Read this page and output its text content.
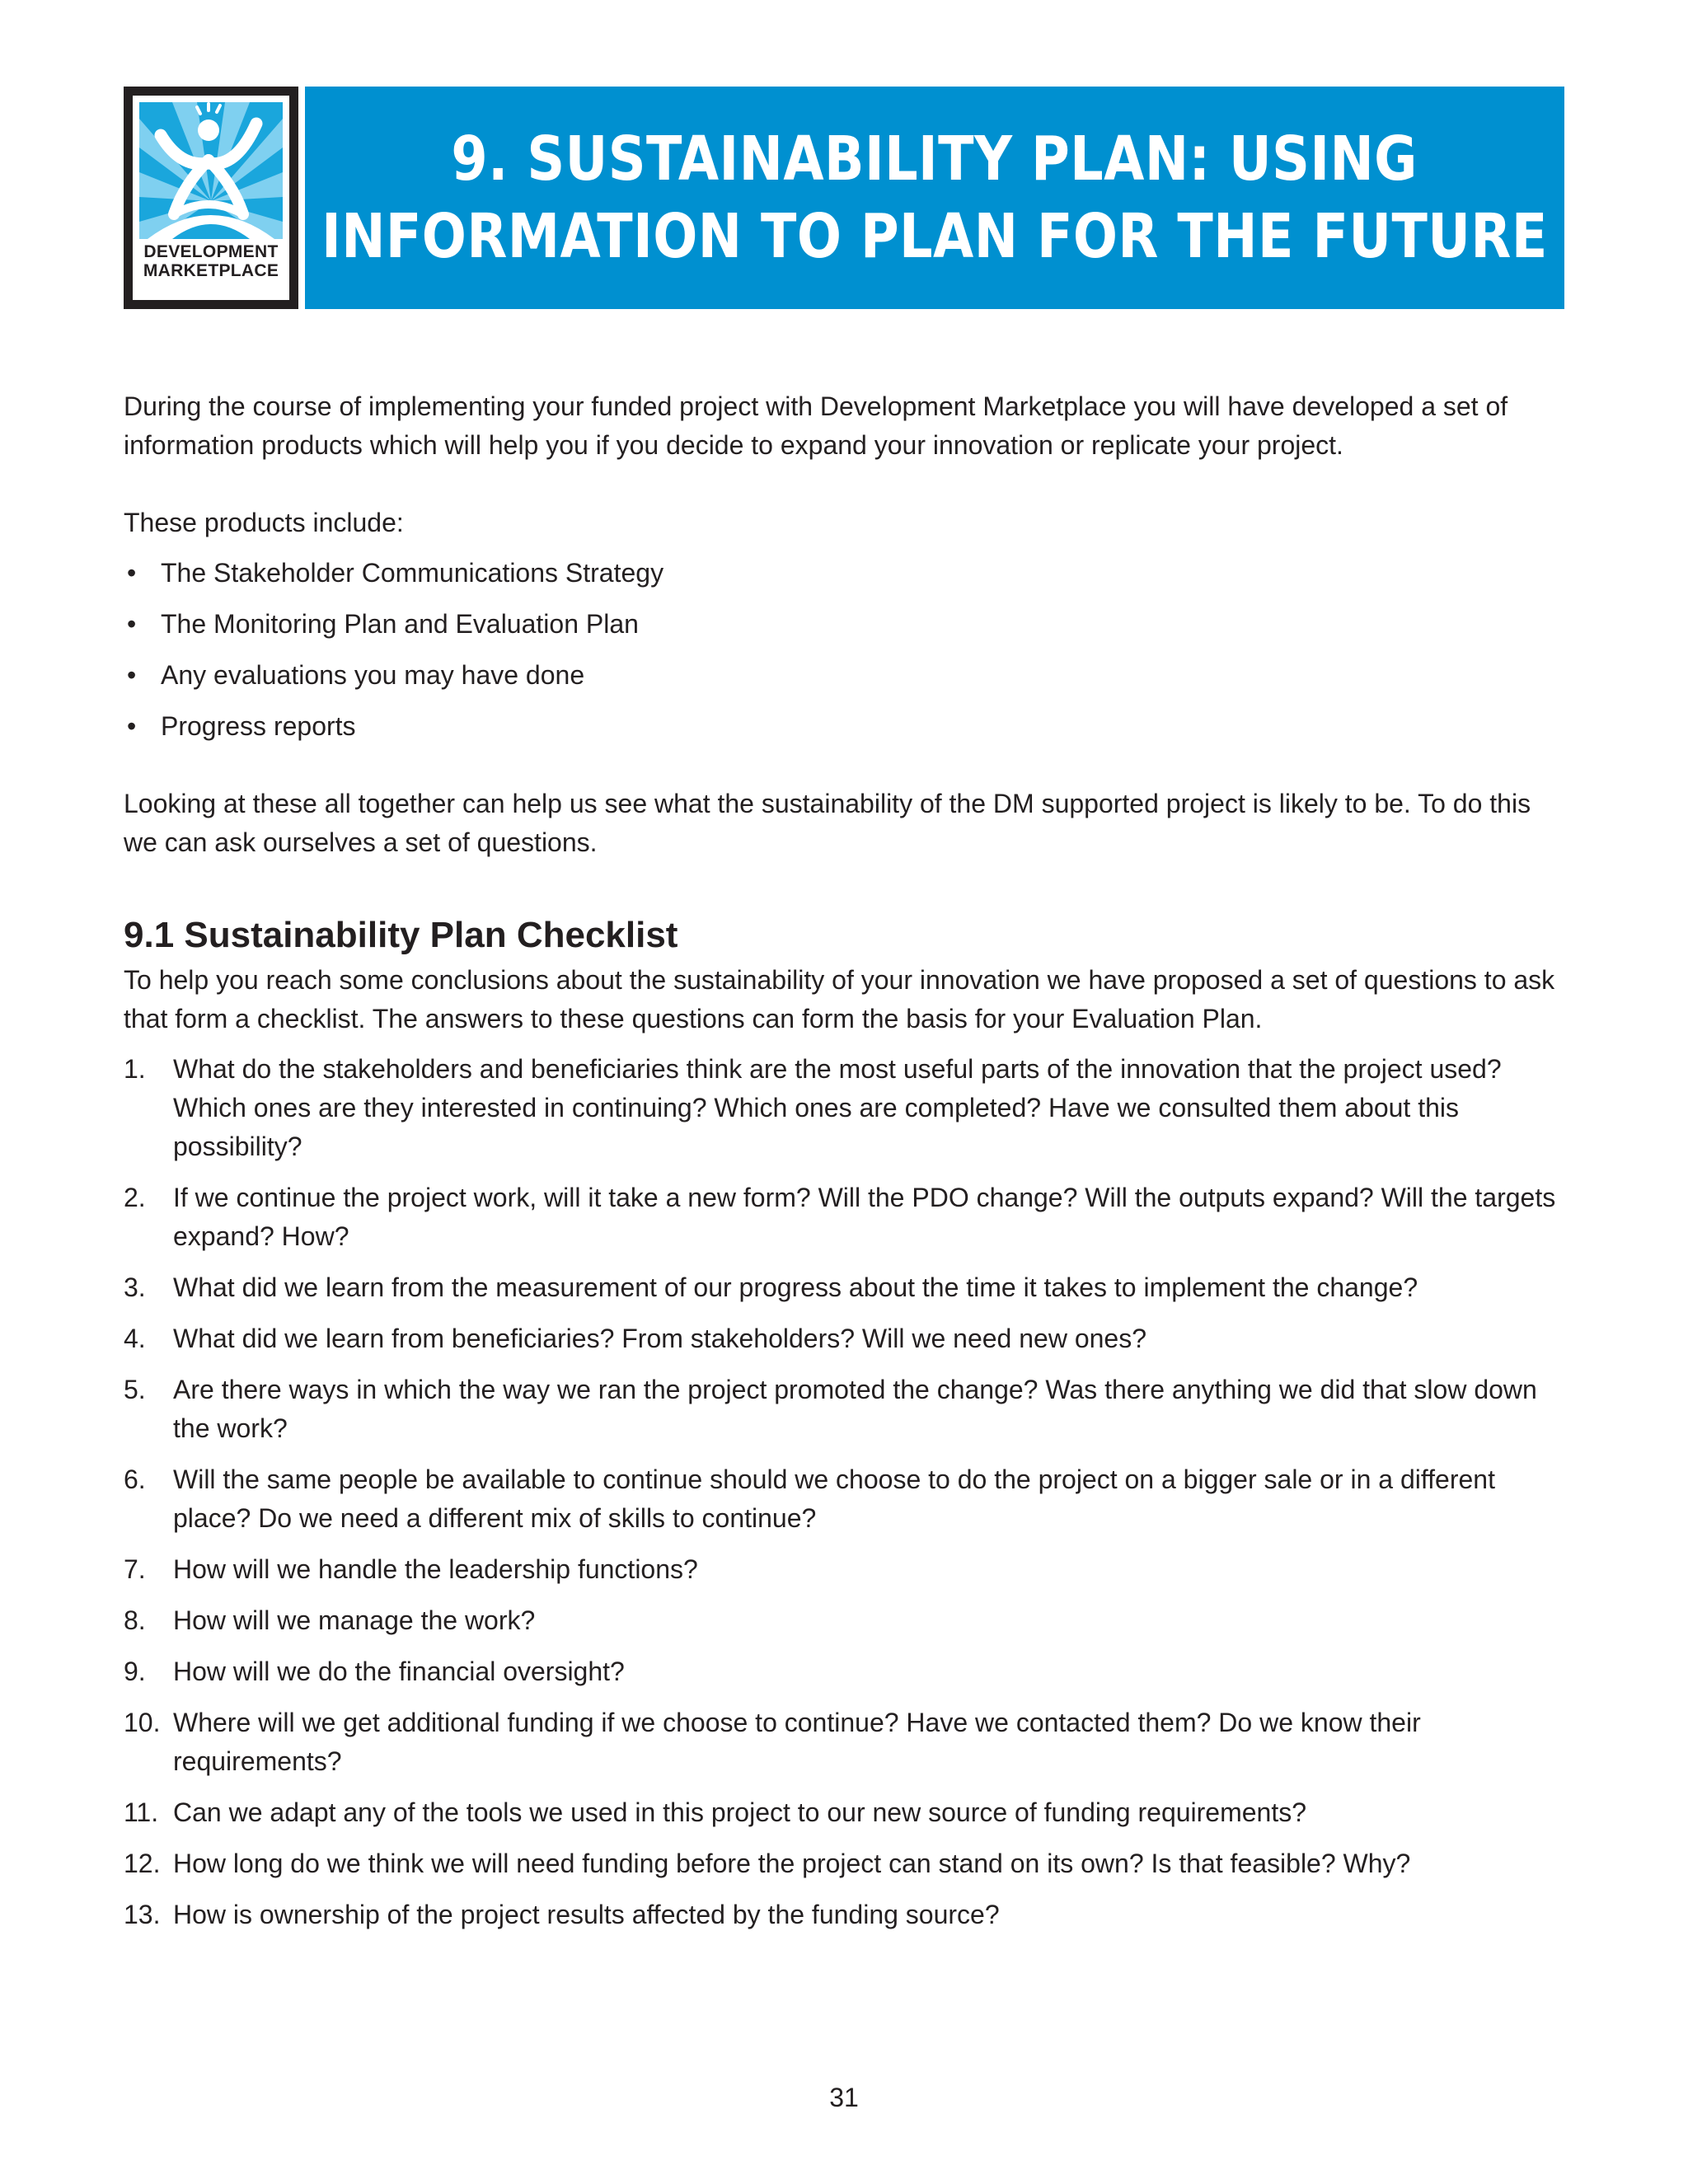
DEVELOPMENT
MARKETPLACE
9. SUSTAINABILITY PLAN: USING
INFORMATION TO PLAN FOR THE FUTURE

During the course of implementing your funded project with Development Marketplace you will have developed a set of information products which will help you if you decide to expand your innovation or replicate your project.

These products include:

• The Stakeholder Communications Strategy
• The Monitoring Plan and Evaluation Plan
• Any evaluations you may have done
• Progress reports

Looking at these all together can help us see what the sustainability of the DM supported project is likely to be. To do this we can ask ourselves a set of questions.

9.1 Sustainability Plan Checklist

To help you reach some conclusions about the sustainability of your innovation we have proposed a set of questions to ask that form a checklist. The answers to these questions can form the basis for your Evaluation Plan.

1. What do the stakeholders and beneficiaries think are the most useful parts of the innovation that the project used? Which ones are they interested in continuing? Which ones are completed? Have we consulted them about this possibility?
2. If we continue the project work, will it take a new form? Will the PDO change? Will the outputs expand? Will the targets expand? How?
3. What did we learn from the measurement of our progress about the time it takes to implement the change?
4. What did we learn from beneficiaries? From stakeholders? Will we need new ones?
5. Are there ways in which the way we ran the project promoted the change? Was there anything we did that slow down the work?
6. Will the same people be available to continue should we choose to do the project on a bigger sale or in a different place? Do we need a different mix of skills to continue?
7. How will we handle the leadership functions?
8. How will we manage the work?
9. How will we do the financial oversight?
10. Where will we get additional funding if we choose to continue? Have we contacted them? Do we know their requirements?
11. Can we adapt any of the tools we used in this project to our new source of funding requirements?
12. How long do we think we will need funding before the project can stand on its own? Is that feasible? Why?
13. How is ownership of the project results affected by the funding source?
31
